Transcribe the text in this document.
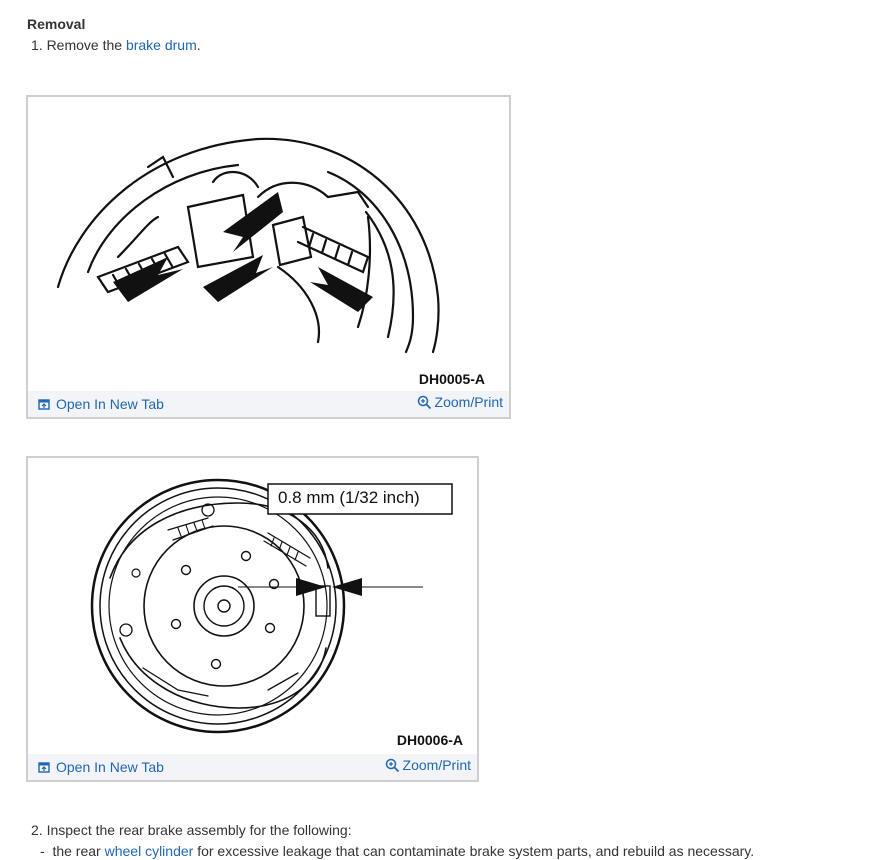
Removal
1. Remove the brake drum.
DH0005-A
Open In New Tab	Zoom/Print
0.8 mm (1/32 inch)
DH0006-A
Open In New Tab	Zoom/Print
2. Inspect the rear brake assembly for the following:
-  the rear wheel cylinder for excessive leakage that can contaminate brake system parts, and rebuild as necessary.
